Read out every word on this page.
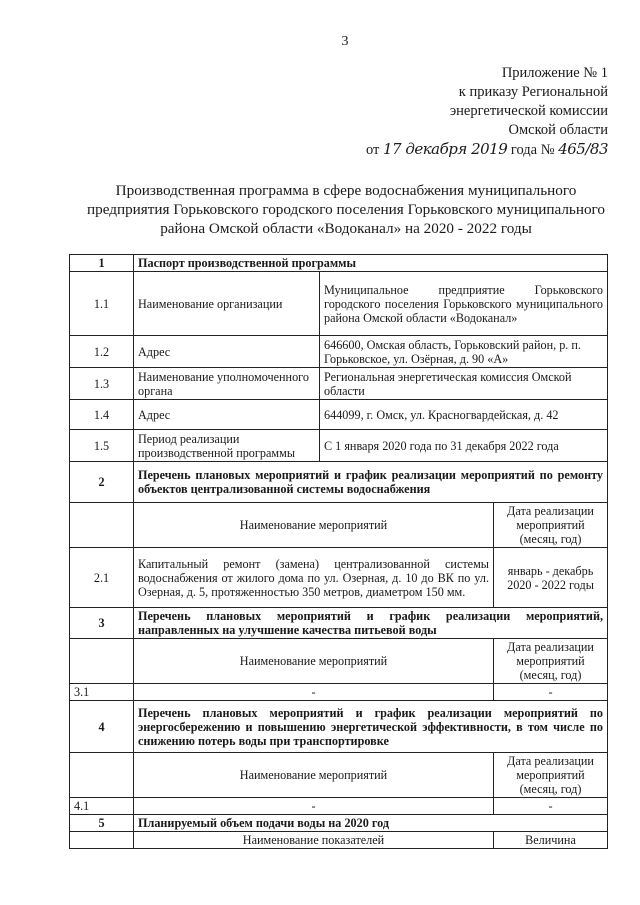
3
Приложение № 1
к приказу Региональной
энергетической комиссии
Омской области
от 17 декабря 2019 года № 465/83
Производственная программа в сфере водоснабжения муниципального предприятия Горьковского городского поселения Горьковского муниципального района Омской области «Водоканал» на 2020 - 2022 годы
1	Паспорт производственной программы		
1.1	Наименование организации	Муниципальное предприятие Горьковского городского поселения Горьковского муниципального района Омской области «Водоканал»	
1.2	Адрес	646600, Омская область, Горьковский район, р. п. Горьковское, ул. Озёрная, д. 90 «А»	
1.3	Наименование уполномоченного органа	Региональная энергетическая комиссия Омской области	
1.4	Адрес	644099, г. Омск, ул. Красногвардейская, д. 42	
1.5	Период реализации производственной программы	С 1 января 2020 года по 31 декабря 2022 года	
2	Перечень плановых мероприятий и график реализации мероприятий по ремонту объектов централизованной системы водоснабжения		
	Наименование мероприятий		Дата реализации мероприятий (месяц, год)
2.1	Капитальный ремонт (замена) централизованной системы водоснабжения от жилого дома по ул. Озерная, д. 10 до ВК по ул. Озерная, д. 5, протяженностью 350 метров, диаметром 150 мм.		январь - декабрь 2020 - 2022 годы
3	Перечень плановых мероприятий и график реализации мероприятий, направленных на улучшение качества питьевой воды		
	Наименование мероприятий		Дата реализации мероприятий (месяц, год)
3.1	-		-
4	Перечень плановых мероприятий и график реализации мероприятий по энергосбережению и повышению энергетической эффективности, в том числе по снижению потерь воды при транспортировке		
	Наименование мероприятий		Дата реализации мероприятий (месяц, год)
4.1	-		-
5	Планируемый объем подачи воды на 2020 год		
	Наименование показателей		Величина
